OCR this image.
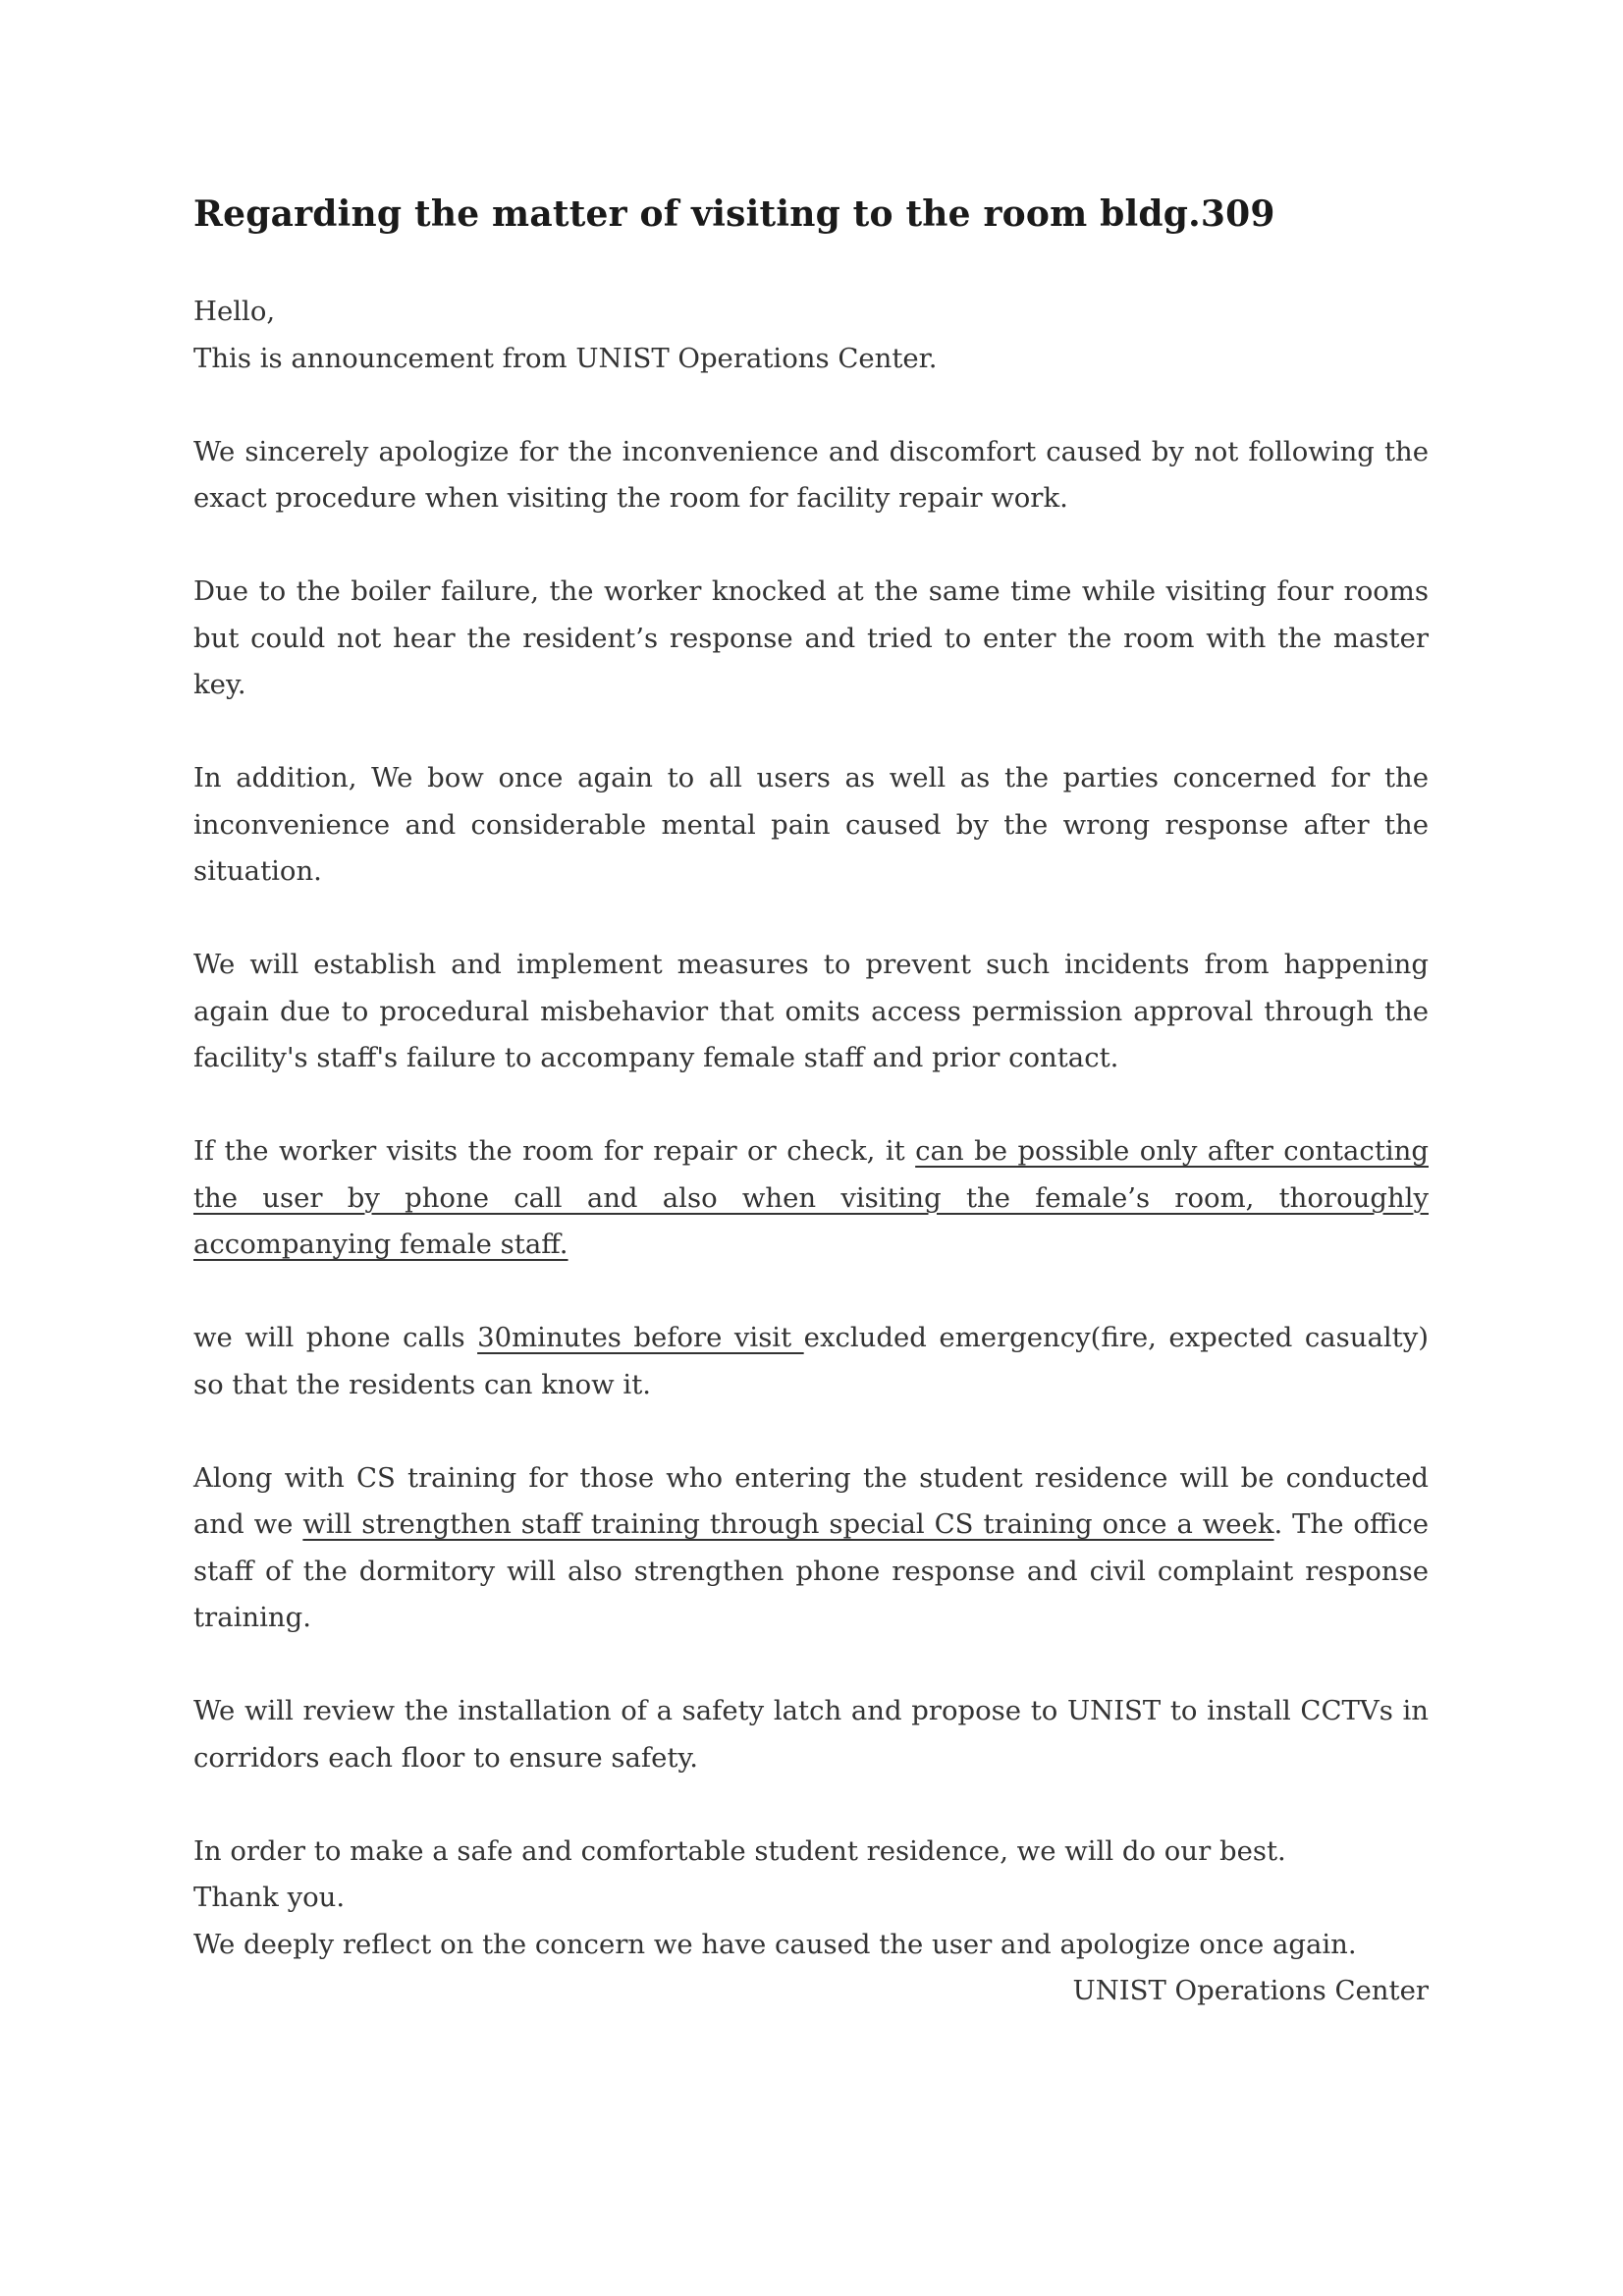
Regarding the matter of visiting to the room bldg.309

Hello,
This is announcement from UNIST Operations Center.

We sincerely apologize for the inconvenience and discomfort caused by not following the exact procedure when visiting the room for facility repair work.

Due to the boiler failure, the worker knocked at the same time while visiting four rooms but could not hear the resident’s response and tried to enter the room with the master key.

In addition, We bow once again to all users as well as the parties concerned for the inconvenience and considerable mental pain caused by the wrong response after the situation.

We will establish and implement measures to prevent such incidents from happening again due to procedural misbehavior that omits access permission approval through the facility's staff's failure to accompany female staff and prior contact.

If the worker visits the room for repair or check, it can be possible only after contacting the user by phone call and also when visiting the female’s room, thoroughly accompanying female staff.

we will phone calls 30minutes before visit excluded emergency(fire, expected casualty) so that the residents can know it.

Along with CS training for those who entering the student residence will be conducted and we will strengthen staff training through special CS training once a week. The office staff of the dormitory will also strengthen phone response and civil complaint response training.

We will review the installation of a safety latch and propose to UNIST to install CCTVs in corridors each floor to ensure safety.

In order to make a safe and comfortable student residence, we will do our best.
Thank you.
We deeply reflect on the concern we have caused the user and apologize once again.

UNIST Operations Center
